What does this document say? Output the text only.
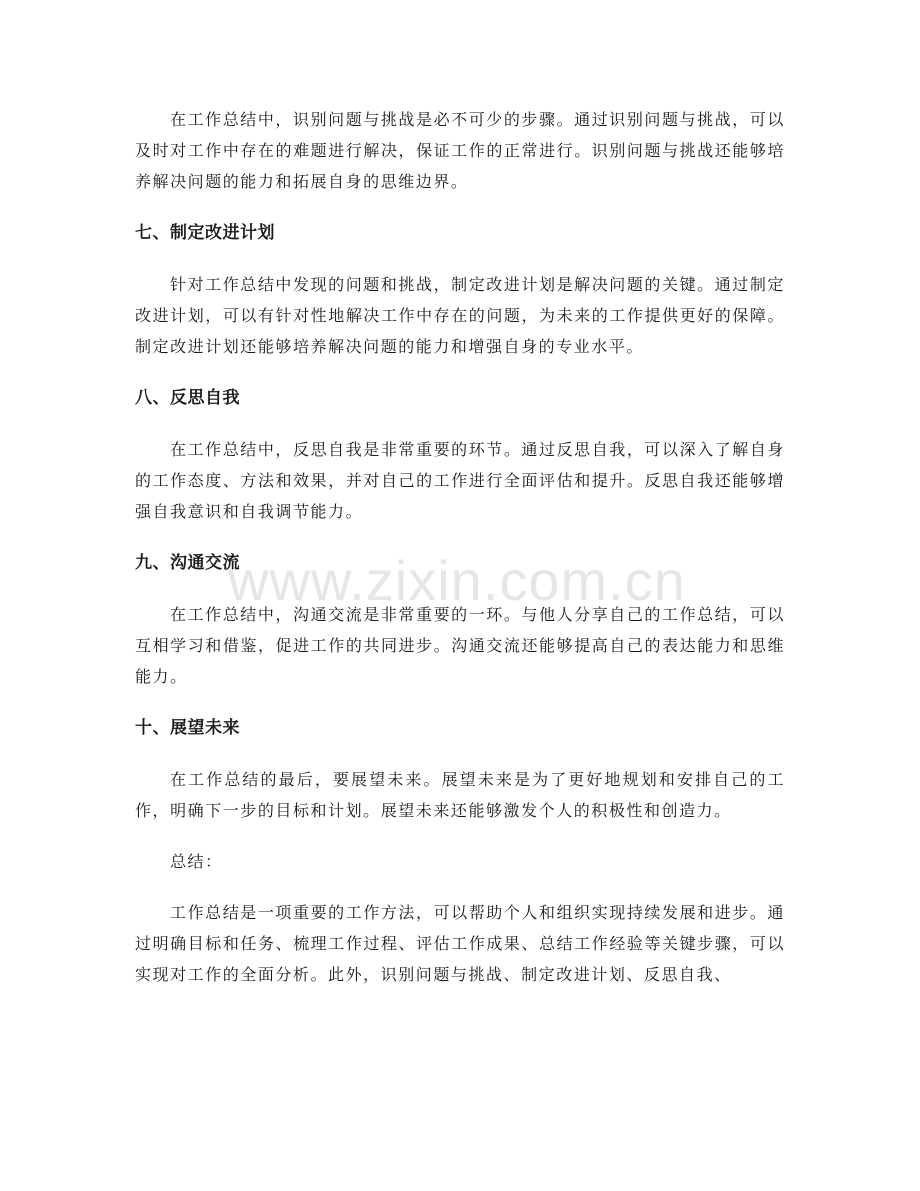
在工作总结中，识别问题与挑战是必不可少的步骤。通过识别问题与挑战，可以及时对工作中存在的难题进行解决，保证工作的正常进行。识别问题与挑战还能够培养解决问题的能力和拓展自身的思维边界。

七、制定改进计划

针对工作总结中发现的问题和挑战，制定改进计划是解决问题的关键。通过制定改进计划，可以有针对性地解决工作中存在的问题，为未来的工作提供更好的保障。制定改进计划还能够培养解决问题的能力和增强自身的专业水平。

八、反思自我

在工作总结中，反思自我是非常重要的环节。通过反思自我，可以深入了解自身的工作态度、方法和效果，并对自己的工作进行全面评估和提升。反思自我还能够增强自我意识和自我调节能力。

九、沟通交流

在工作总结中，沟通交流是非常重要的一环。与他人分享自己的工作总结，可以互相学习和借鉴，促进工作的共同进步。沟通交流还能够提高自己的表达能力和思维能力。

十、展望未来

在工作总结的最后，要展望未来。展望未来是为了更好地规划和安排自己的工作，明确下一步的目标和计划。展望未来还能够激发个人的积极性和创造力。

总结：

工作总结是一项重要的工作方法，可以帮助个人和组织实现持续发展和进步。通过明确目标和任务、梳理工作过程、评估工作成果、总结工作经验等关键步骤，可以实现对工作的全面分析。此外，识别问题与挑战、制定改进计划、反思自我、

www.zixin.com.cn
